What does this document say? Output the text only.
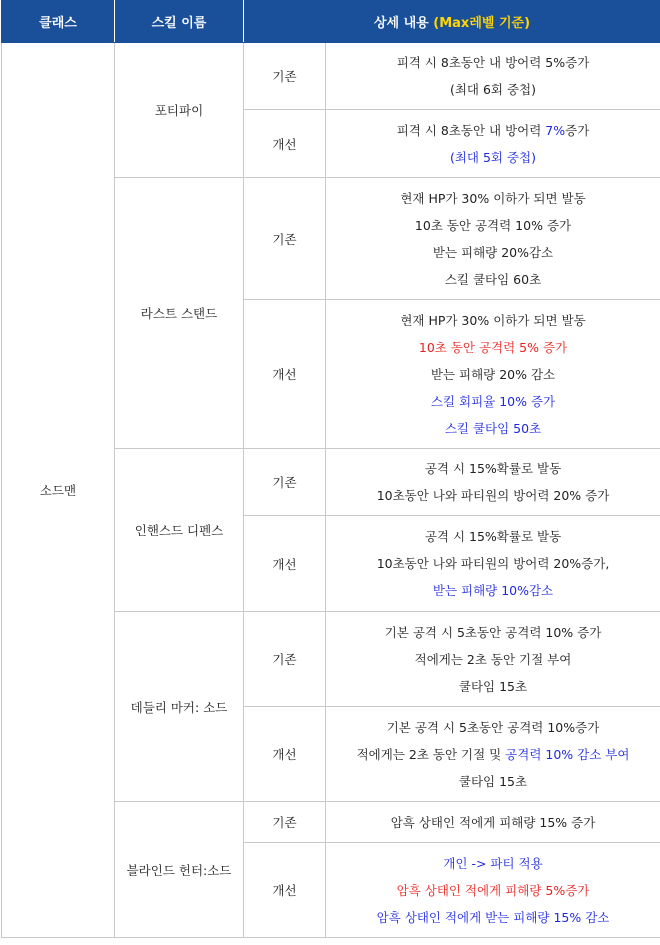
클래스	스킬 이름	상세 내용 (Max레벨 기준)	
소드맨	포티파이	기존	피격 시 8초동안 내 방어력 5%증가
(최대 6회 중첩)

		개선	피격 시 8초동안 내 방어력 7%증가
(최대 5회 중첩)

	라스트 스탠드	기존	현재 HP가 30% 이하가 되면 발동
10초 동안 공격력 10% 증가
받는 피해량 20%감소
스킬 쿨타임 60초

		개선	현재 HP가 30% 이하가 되면 발동
10초 동안 공격력 5% 증가
받는 피해량 20% 감소
스킬 회피율 10% 증가
스킬 쿨타임 50초

	인핸스드 디펜스	기존	공격 시 15%확률로 발동
10초동안 나와 파티원의 방어력 20% 증가

		개선	공격 시 15%확률로 발동
10초동안 나와 파티원의 방어력 20%증가,
받는 피해량 10%감소

	데들리 마커: 소드	기존	기본 공격 시 5초동안 공격력 10% 증가
적에게는 2초 동안 기절 부여
쿨타임 15초

		개선	기본 공격 시 5초동안 공격력 10%증가
적에게는 2초 동안 기절 및 공격력 10% 감소 부여
쿨타임 15초

	블라인드 헌터:소드	기존	암흑 상태인 적에게 피해량 15% 증가

		개선	개인 -> 파티 적용
암흑 상태인 적에게 피해량 5%증가
암흑 상태인 적에게 받는 피해량 15% 감소
